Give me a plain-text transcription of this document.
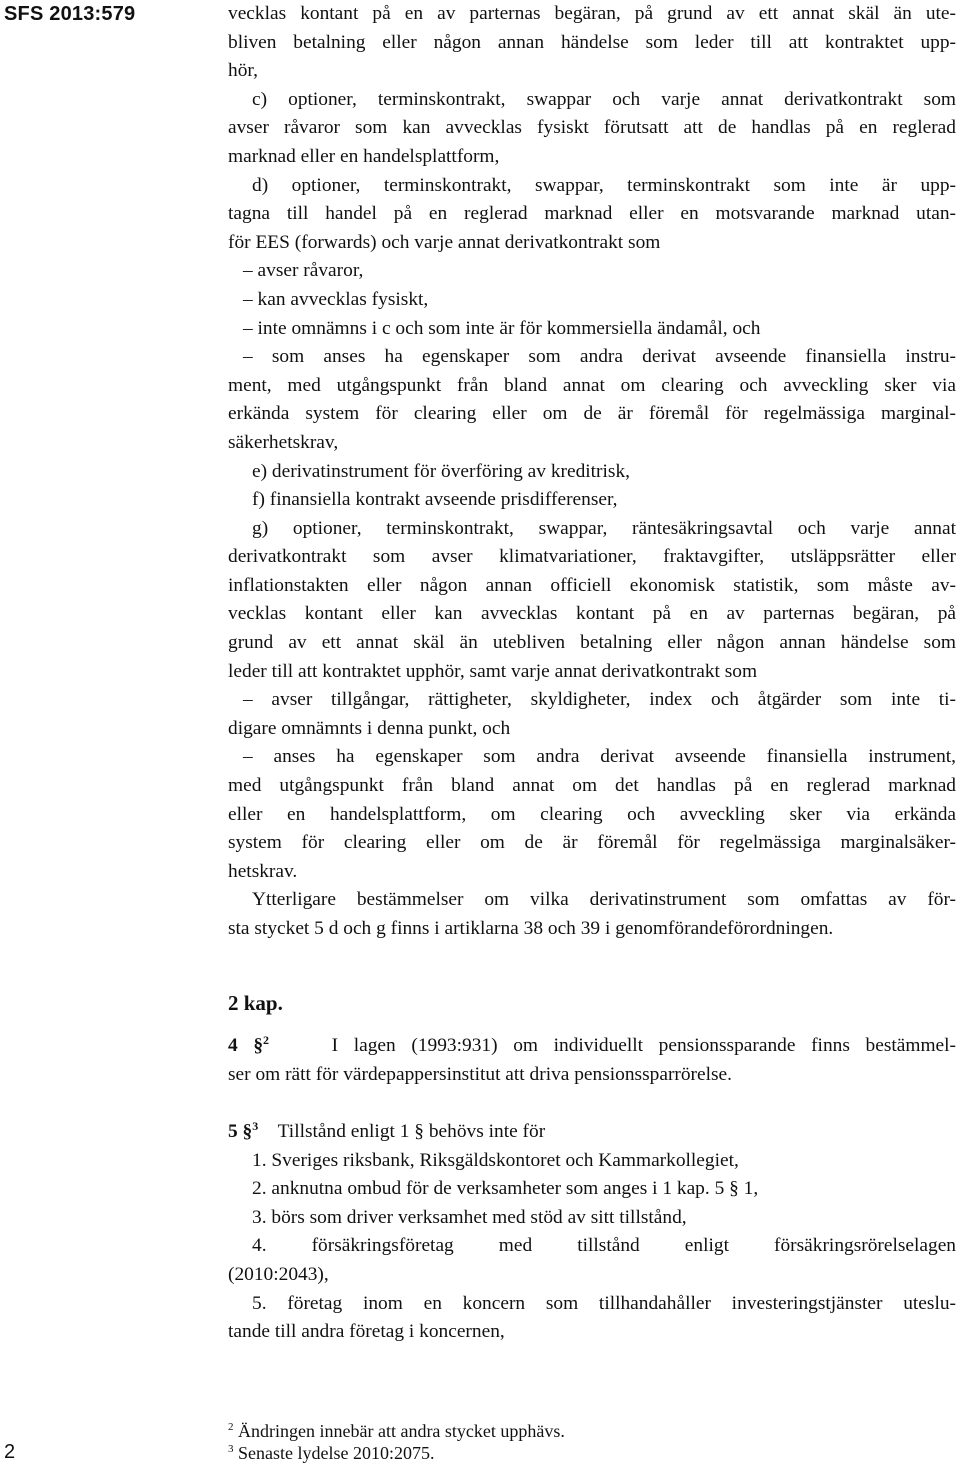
SFS 2013:579	vecklas kontant på en av parternas begäran, på grund av ett annat skäl än ute-
bliven betalning eller någon annan händelse som leder till att kontraktet upp-
hör,
c) optioner, terminskontrakt, swappar och varje annat derivatkontrakt som
avser råvaror som kan avvecklas fysiskt förutsatt att de handlas på en reglerad
marknad eller en handelsplattform,
d) optioner, terminskontrakt, swappar, terminskontrakt som inte är upp-
tagna till handel på en reglerad marknad eller en motsvarande marknad utan-
för EES (forwards) och varje annat derivatkontrakt som
– avser råvaror,
– kan avvecklas fysiskt,
– inte omnämns i c och som inte är för kommersiella ändamål, och
– som anses ha egenskaper som andra derivat avseende finansiella instru-
ment, med utgångspunkt från bland annat om clearing och avveckling sker via
erkända system för clearing eller om de är föremål för regelmässiga marginal-
säkerhetskrav,
e) derivatinstrument för överföring av kreditrisk,
f) finansiella kontrakt avseende prisdifferenser,
g) optioner, terminskontrakt, swappar, räntesäkringsavtal och varje annat
derivatkontrakt som avser klimatvariationer, fraktavgifter, utsläppsrätter eller
inflationstakten eller någon annan officiell ekonomisk statistik, som måste av-
vecklas kontant eller kan avvecklas kontant på en av parternas begäran, på
grund av ett annat skäl än utebliven betalning eller någon annan händelse som
leder till att kontraktet upphör, samt varje annat derivatkontrakt som
– avser tillgångar, rättigheter, skyldigheter, index och åtgärder som inte ti-
digare omnämnts i denna punkt, och
– anses ha egenskaper som andra derivat avseende finansiella instrument,
med utgångspunkt från bland annat om det handlas på en reglerad marknad
eller en handelsplattform, om clearing och avveckling sker via erkända
system för clearing eller om de är föremål för regelmässiga marginalsäker-
hetskrav.
Ytterligare bestämmelser om vilka derivatinstrument som omfattas av för-
sta stycket 5 d och g finns i artiklarna 38 och 39 i genomförandeförordningen.
2 kap.
4 §$^2$	I lagen (1993:931) om individuellt pensionssparande finns bestämmel-
ser om rätt för värdepappersinstitut att driva pensionssparrörelse.
5 §$^3$ Tillstånd enligt 1 § behövs inte för
1. Sveriges riksbank, Riksgäldskontoret och Kammarkollegiet,
2. anknutna ombud för de verksamheter som anges i 1 kap. 5 § 1,
3. börs som driver verksamhet med stöd av sitt tillstånd,
4. försäkringsföretag med tillstånd enligt försäkringsrörelselagen
(2010:2043),
5. företag inom en koncern som tillhandahåller investeringstjänster uteslu-
tande till andra företag i koncernen,
$^2$ Ändringen innebär att andra stycket upphävs.
$^3$ Senaste lydelse 2010:2075.
2
